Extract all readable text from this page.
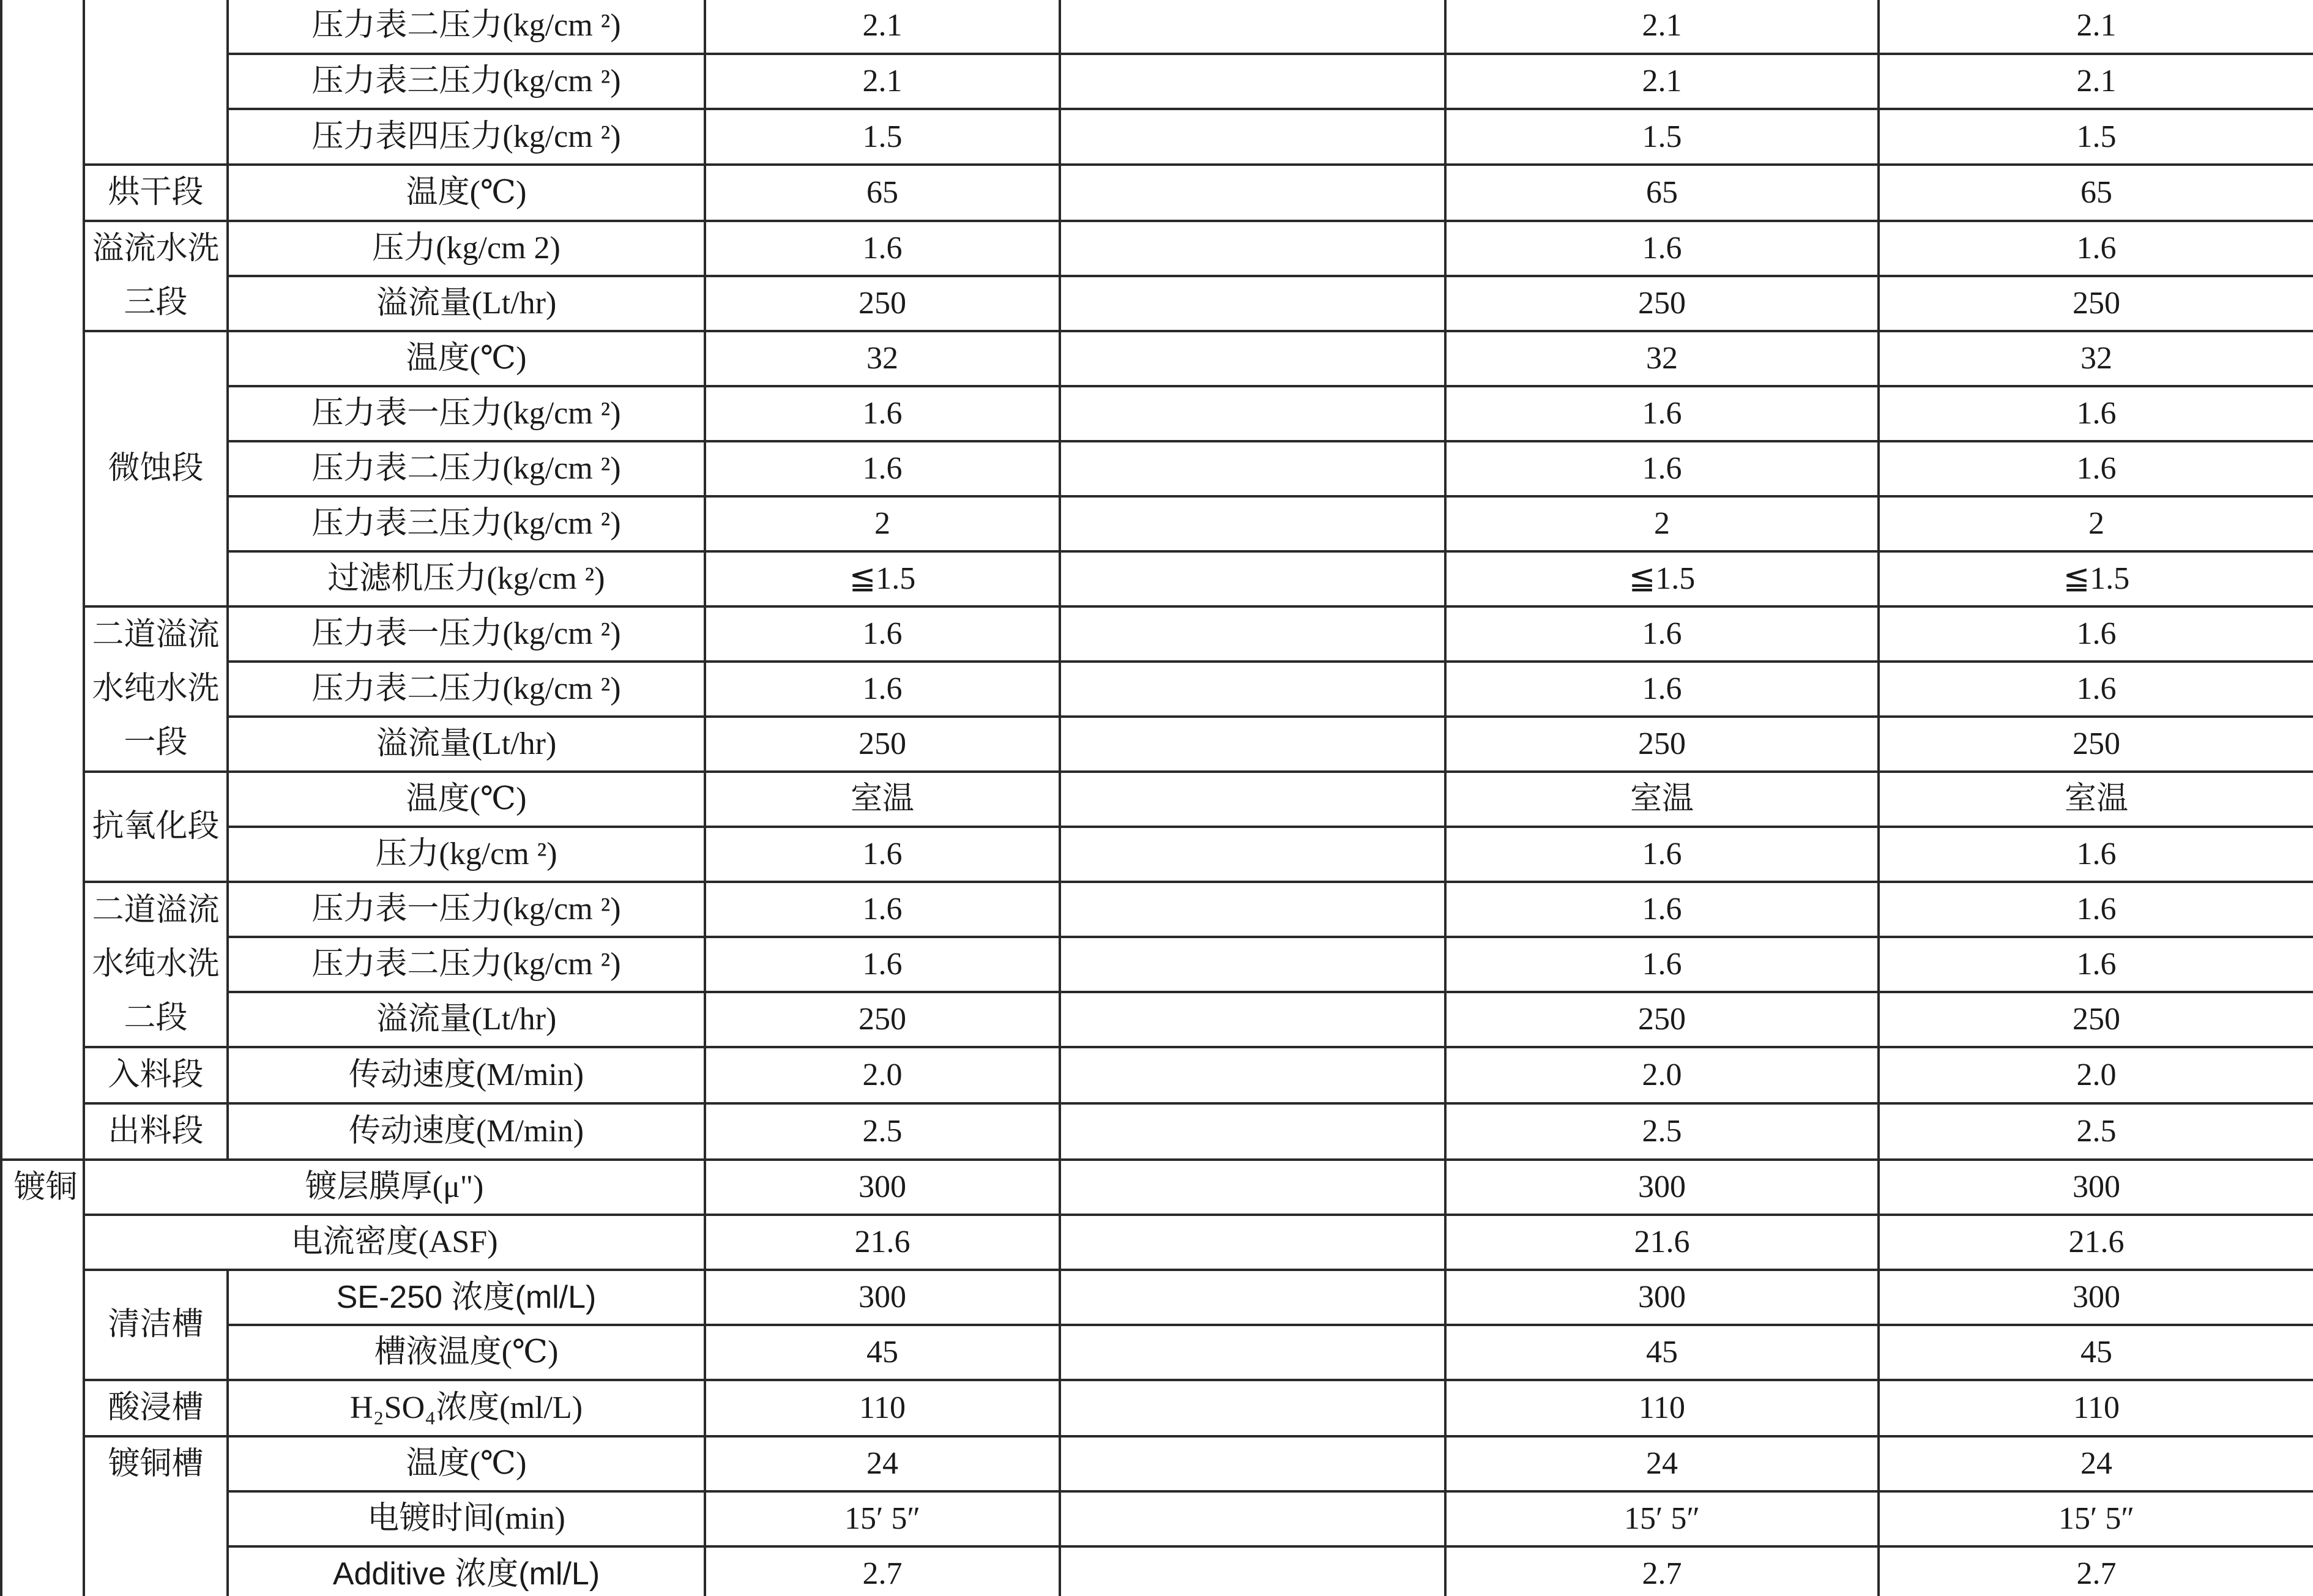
		压力表二压力(kg/cm ²)	2.1		2.1	2.1
		压力表三压力(kg/cm ²)	2.1		2.1	2.1
		压力表四压力(kg/cm ²)	1.5		1.5	1.5
	烘干段	温度(℃)	65		65	65
	溢流水洗三段	压力(kg/cm 2)	1.6		1.6	1.6
		溢流量(Lt/hr)	250		250	250
	微蚀段	温度(℃)	32		32	32
		压力表一压力(kg/cm ²)	1.6		1.6	1.6
		压力表二压力(kg/cm ²)	1.6		1.6	1.6
		压力表三压力(kg/cm ²)	2		2	2
		过滤机压力(kg/cm ²)	≦1.5		≦1.5	≦1.5
	二道溢流水纯水洗一段	压力表一压力(kg/cm ²)	1.6		1.6	1.6
		压力表二压力(kg/cm ²)	1.6		1.6	1.6
		溢流量(Lt/hr)	250		250	250
	抗氧化段	温度(℃)	室温		室温	室温
		压力(kg/cm ²)	1.6		1.6	1.6
	二道溢流水纯水洗二段	压力表一压力(kg/cm ²)	1.6		1.6	1.6
		压力表二压力(kg/cm ²)	1.6		1.6	1.6
		溢流量(Lt/hr)	250		250	250
	入料段	传动速度(M/min)	2.0		2.0	2.0
	出料段	传动速度(M/min)	2.5		2.5	2.5
镀铜	镀层膜厚(μ")		300		300	300
	电流密度(ASF)		21.6		21.6	21.6
	清洁槽	SE-250 浓度(ml/L)	300		300	300
		槽液温度(℃)	45		45	45
	酸浸槽	H₂SO₄浓度(ml/L)	110		110	110
	镀铜槽	温度(℃)	24		24	24
		电镀时间(min)	15′ 5″		15′ 5″	15′ 5″
		Additive 浓度(ml/L)	2.7		2.7	2.7
